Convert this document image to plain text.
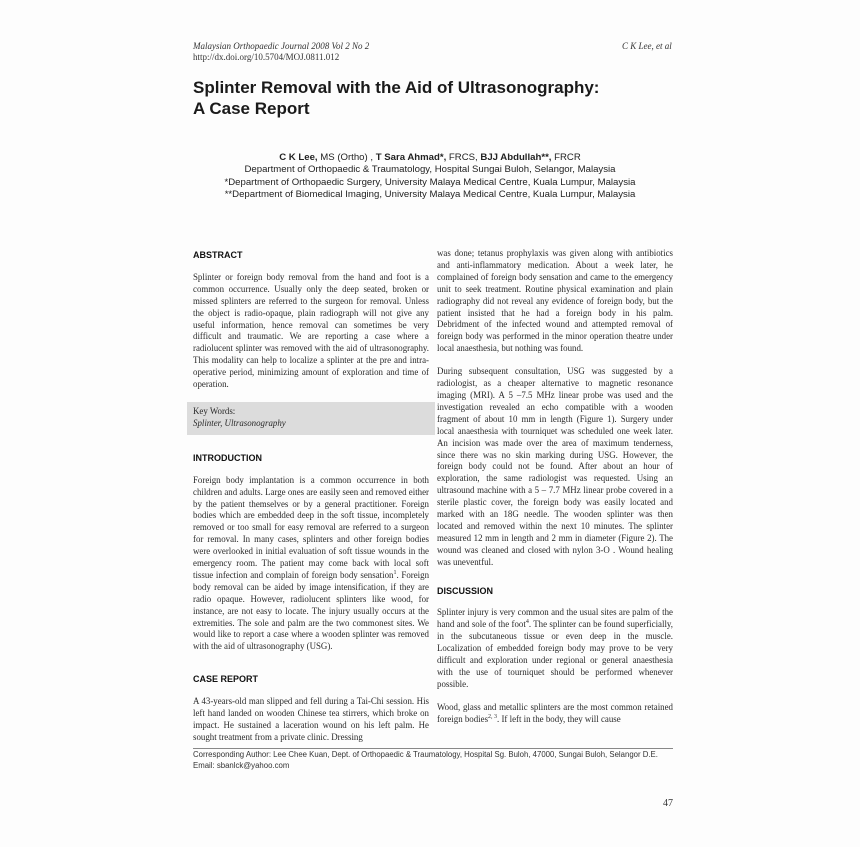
Malaysian Orthopaedic Journal 2008 Vol 2 No 2
http://dx.doi.org/10.5704/MOJ.0811.012
C K Lee, et al
Splinter Removal with the Aid of Ultrasonography:
A Case Report
C K Lee, MS (Ortho) , T Sara Ahmad*, FRCS, BJJ Abdullah**, FRCR
Department of Orthopaedic & Traumatology, Hospital Sungai Buloh, Selangor, Malaysia
*Department of Orthopaedic Surgery, University Malaya Medical Centre, Kuala Lumpur, Malaysia
**Department of Biomedical Imaging, University Malaya Medical Centre, Kuala Lumpur, Malaysia
ABSTRACT

Splinter or foreign body removal from the hand and foot is a common occurrence. Usually only the deep seated, broken or missed splinters are referred to the surgeon for removal. Unless the object is radio-opaque, plain radiograph will not give any useful information, hence removal can sometimes be very difficult and traumatic. We are reporting a case where a radiolucent splinter was removed with the aid of ultrasonography. This modality can help to localize a splinter at the pre and intra-operative period, minimizing amount of exploration and time of operation.

Key Words:
Splinter, Ultrasonography
INTRODUCTION

Foreign body implantation is a common occurrence in both children and adults. Large ones are easily seen and removed either by the patient themselves or by a general practitioner. Foreign bodies which are embedded deep in the soft tissue, incompletely removed or too small for easy removal are referred to a surgeon for removal. In many cases, splinters and other foreign bodies were overlooked in initial evaluation of soft tissue wounds in the emergency room. The patient may come back with local soft tissue infection and complain of foreign body sensation$^1$. Foreign body removal can be aided by image intensification, if they are radio opaque. However, radiolucent splinters like wood, for instance, are not easy to locate. The injury usually occurs at the extremities. The sole and palm are the two commonest sites. We would like to report a case where a wooden splinter was removed with the aid of ultrasonography (USG).

CASE REPORT

A 43-years-old man slipped and fell during a Tai-Chi session. His left hand landed on wooden Chinese tea stirrers, which broke on impact. He sustained a laceration wound on his left palm. He sought treatment from a private clinic. Dressing

was done; tetanus prophylaxis was given along with antibiotics and anti-inflammatory medication. About a week later, he complained of foreign body sensation and came to the emergency unit to seek treatment. Routine physical examination and plain radiography did not reveal any evidence of foreign body, but the patient insisted that he had a foreign body in his palm. Debridment of the infected wound and attempted removal of foreign body was performed in the minor operation theatre under local anaesthesia, but nothing was found.

During subsequent consultation, USG was suggested by a radiologist, as a cheaper alternative to magnetic resonance imaging (MRI). A 5 –7.5 MHz linear probe was used and the investigation revealed an echo compatible with a wooden fragment of about 10 mm in length (Figure 1). Surgery under local anaesthesia with tourniquet was scheduled one week later. An incision was made over the area of maximum tenderness, since there was no skin marking during USG. However, the foreign body could not be found. After about an hour of exploration, the same radiologist was requested. Using an ultrasound machine with a 5 – 7.7 MHz linear probe covered in a sterile plastic cover, the foreign body was easily located and marked with an 18G needle. The wooden splinter was then located and removed within the next 10 minutes. The splinter measured 12 mm in length and 2 mm in diameter (Figure 2). The wound was cleaned and closed with nylon 3-O . Wound healing was uneventful.

DISCUSSION

Splinter injury is very common and the usual sites are palm of the hand and sole of the foot$^4$. The splinter can be found superficially, in the subcutaneous tissue or even deep in the muscle. Localization of embedded foreign body may prove to be very difficult and exploration under regional or general anaesthesia with the use of tourniquet should be performed whenever possible.

Wood, glass and metallic splinters are the most common retained foreign bodies$^{2, 3}$. If left in the body, they will cause

Corresponding Author: Lee Chee Kuan, Dept. of Orthopaedic & Traumatology, Hospital Sg. Buloh, 47000, Sungai Buloh, Selangor D.E.
Email: sbanlck@yahoo.com
47
